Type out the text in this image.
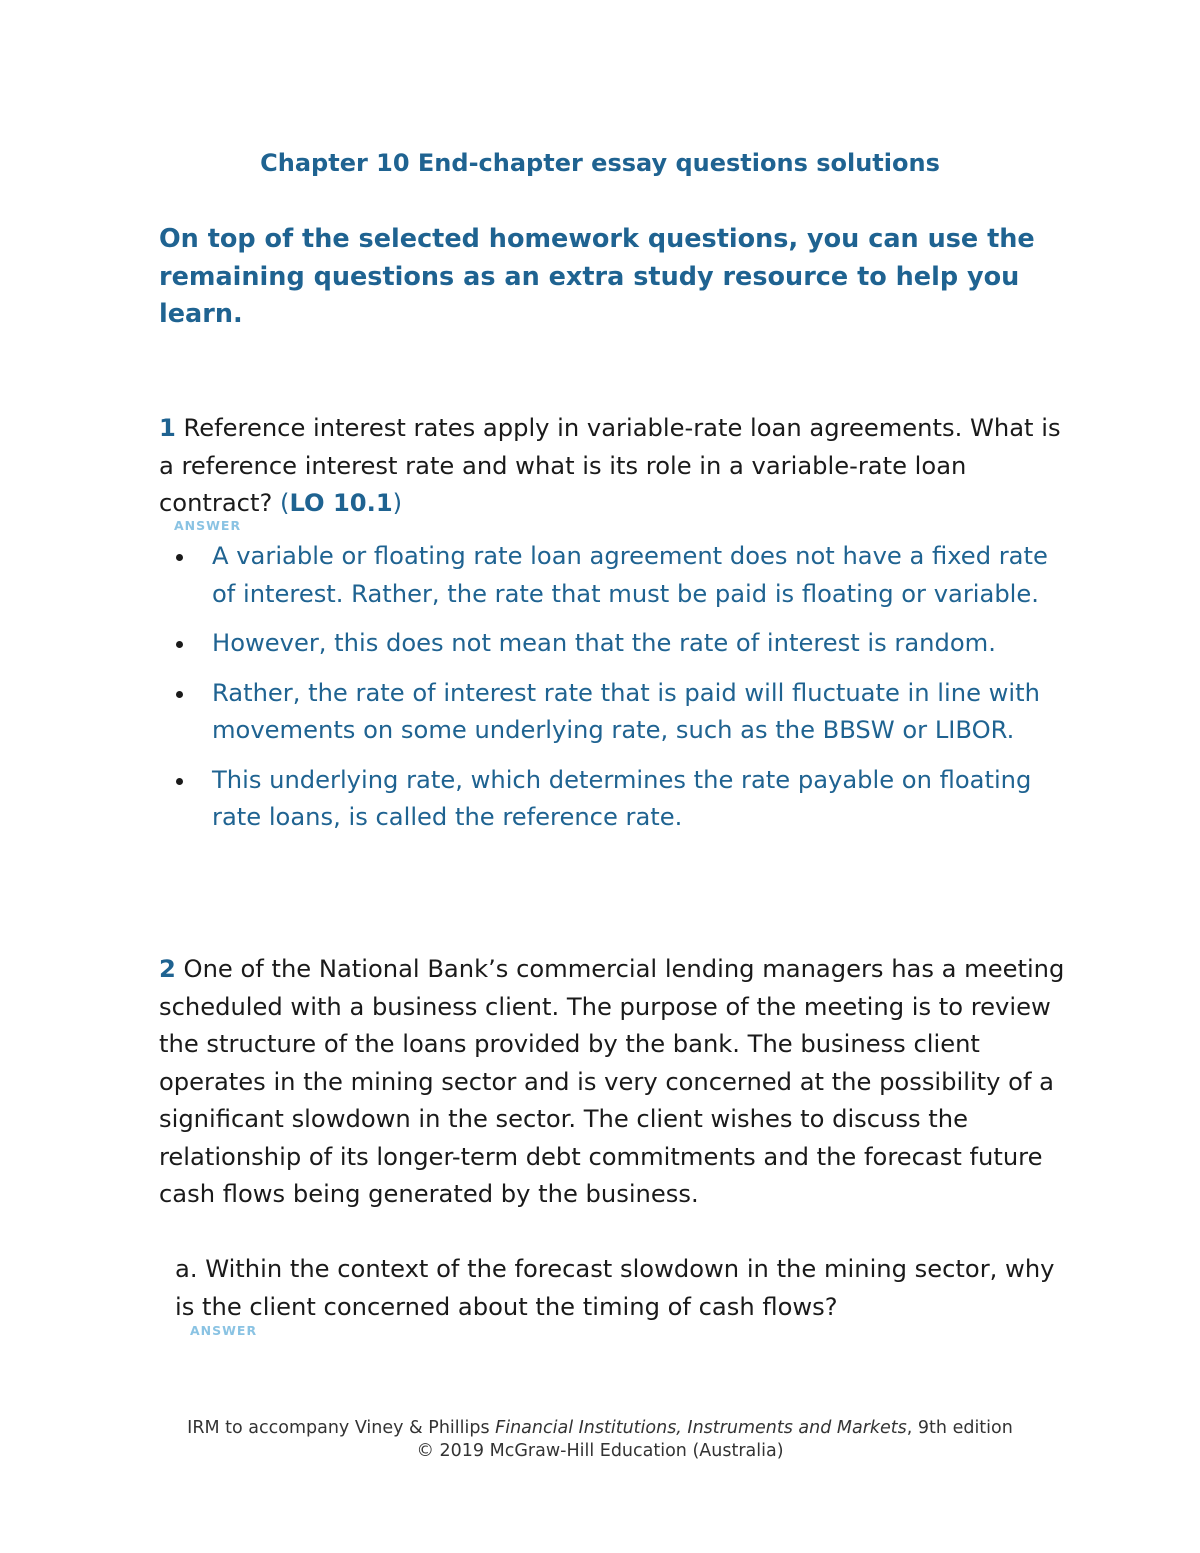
Chapter 10 End-chapter essay questions solutions

On top of the selected homework questions, you can use the remaining questions as an extra study resource to help you learn.

1 Reference interest rates apply in variable-rate loan agreements. What is a reference interest rate and what is its role in a variable-rate loan contract? (LO 10.1)

ANSWER
A variable or floating rate loan agreement does not have a fixed rate of interest. Rather, the rate that must be paid is floating or variable.
However, this does not mean that the rate of interest is random.
Rather, the rate of interest rate that is paid will fluctuate in line with movements on some underlying rate, such as the BBSW or LIBOR.
This underlying rate, which determines the rate payable on floating rate loans, is called the reference rate.

2 One of the National Bank’s commercial lending managers has a meeting scheduled with a business client. The purpose of the meeting is to review the structure of the loans provided by the bank. The business client operates in the mining sector and is very concerned at the possibility of a significant slowdown in the sector. The client wishes to discuss the relationship of its longer-term debt commitments and the forecast future cash flows being generated by the business.

a. Within the context of the forecast slowdown in the mining sector, why is the client concerned about the timing of cash flows?

ANSWER
IRM to accompany Viney & Phillips Financial Institutions, Instruments and Markets, 9th edition
© 2019 McGraw-Hill Education (Australia)
